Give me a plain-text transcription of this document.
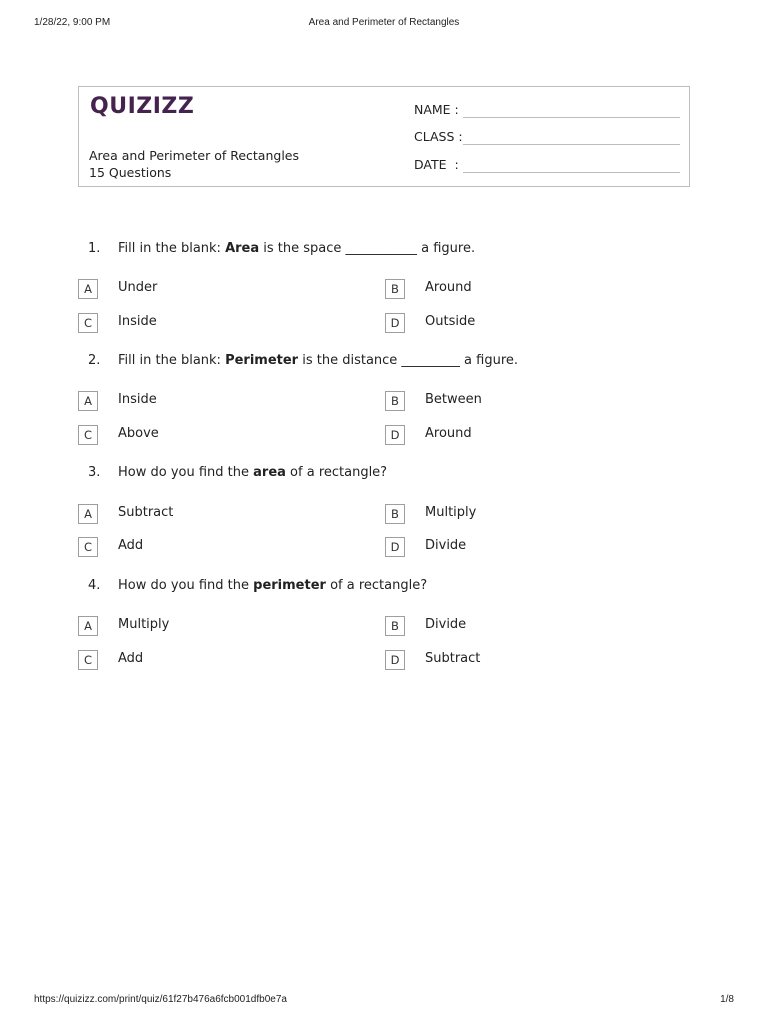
1/28/22, 9:00 PM	Area and Perimeter of Rectangles
QUIZIZZ
Area and Perimeter of Rectangles
15 Questions
NAME :
CLASS :
DATE  :
1. Fill in the blank: Area is the space ___________ a figure.
A	Under	B	Around
C	Inside	D	Outside
2. Fill in the blank: Perimeter is the distance _________ a figure.
A	Inside	B	Between
C	Above	D	Around
3. How do you find the area of a rectangle?
A	Subtract	B	Multiply
C	Add	D	Divide
4. How do you find the perimeter of a rectangle?
A	Multiply	B	Divide
C	Add	D	Subtract
https://quizizz.com/print/quiz/61f27b476a6fcb001dfb0e7a	1/8
